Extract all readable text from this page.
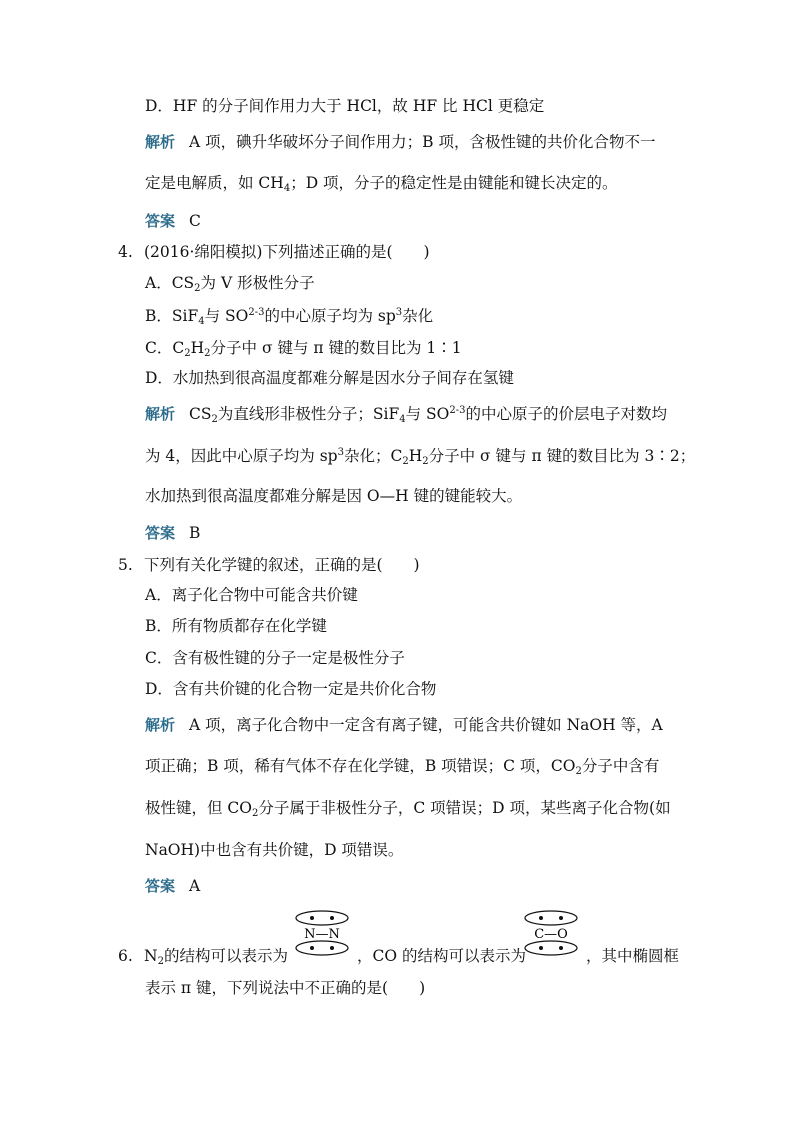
D．HF 的分子间作用力大于 HCl，故 HF 比 HCl 更稳定
解析 A 项，碘升华破坏分子间作用力；B 项，含极性键的共价化合物不一
定是电解质，如 $CH_4$；D 项，分子的稳定性是由键能和键长决定的。
答案 C
4. (2016·绵阳模拟)下列描述正确的是(　　)
A．$CS_2$为 V 形极性分子
B．SiF$_4$与 SO$^{2-3}$的中心原子均为 $sp^3$杂化
C．$C_2H_2$分子中 σ 键与 π 键的数目比为 1∶1
D．水加热到很高温度都难分解是因水分子间存在氢键
解析 $CS_2$为直线形非极性分子；SiF$_4$与 SO$^{2-3}$的中心原子的价层电子对数均
为 4，因此中心原子均为 $sp^3$杂化；$C_2H_2$分子中 σ 键与 π 键的数目比为 3∶2；
水加热到很高温度都难分解是因 O—H 键的键能较大。
答案 B
5. 下列有关化学键的叙述，正确的是(　　)
A．离子化合物中可能含共价键
B．所有物质都存在化学键
C．含有极性键的分子一定是极性分子
D．含有共价键的化合物一定是共价化合物
解析 A 项，离子化合物中一定含有离子键，可能含共价键如 NaOH 等，A
项正确；B 项，稀有气体不存在化学键，B 项错误；C 项，$CO_2$分子中含有
极性键，但 $CO_2$分子属于非极性分子，C 项错误；D 项，某些离子化合物(如
NaOH)中也含有共价键，D 项错误。
答案 A
6. $N_2$的结构可以表示为
N—N
，CO 的结构可以表示为
C—O
，其中椭圆框
表示 π 键，下列说法中不正确的是(　　)
